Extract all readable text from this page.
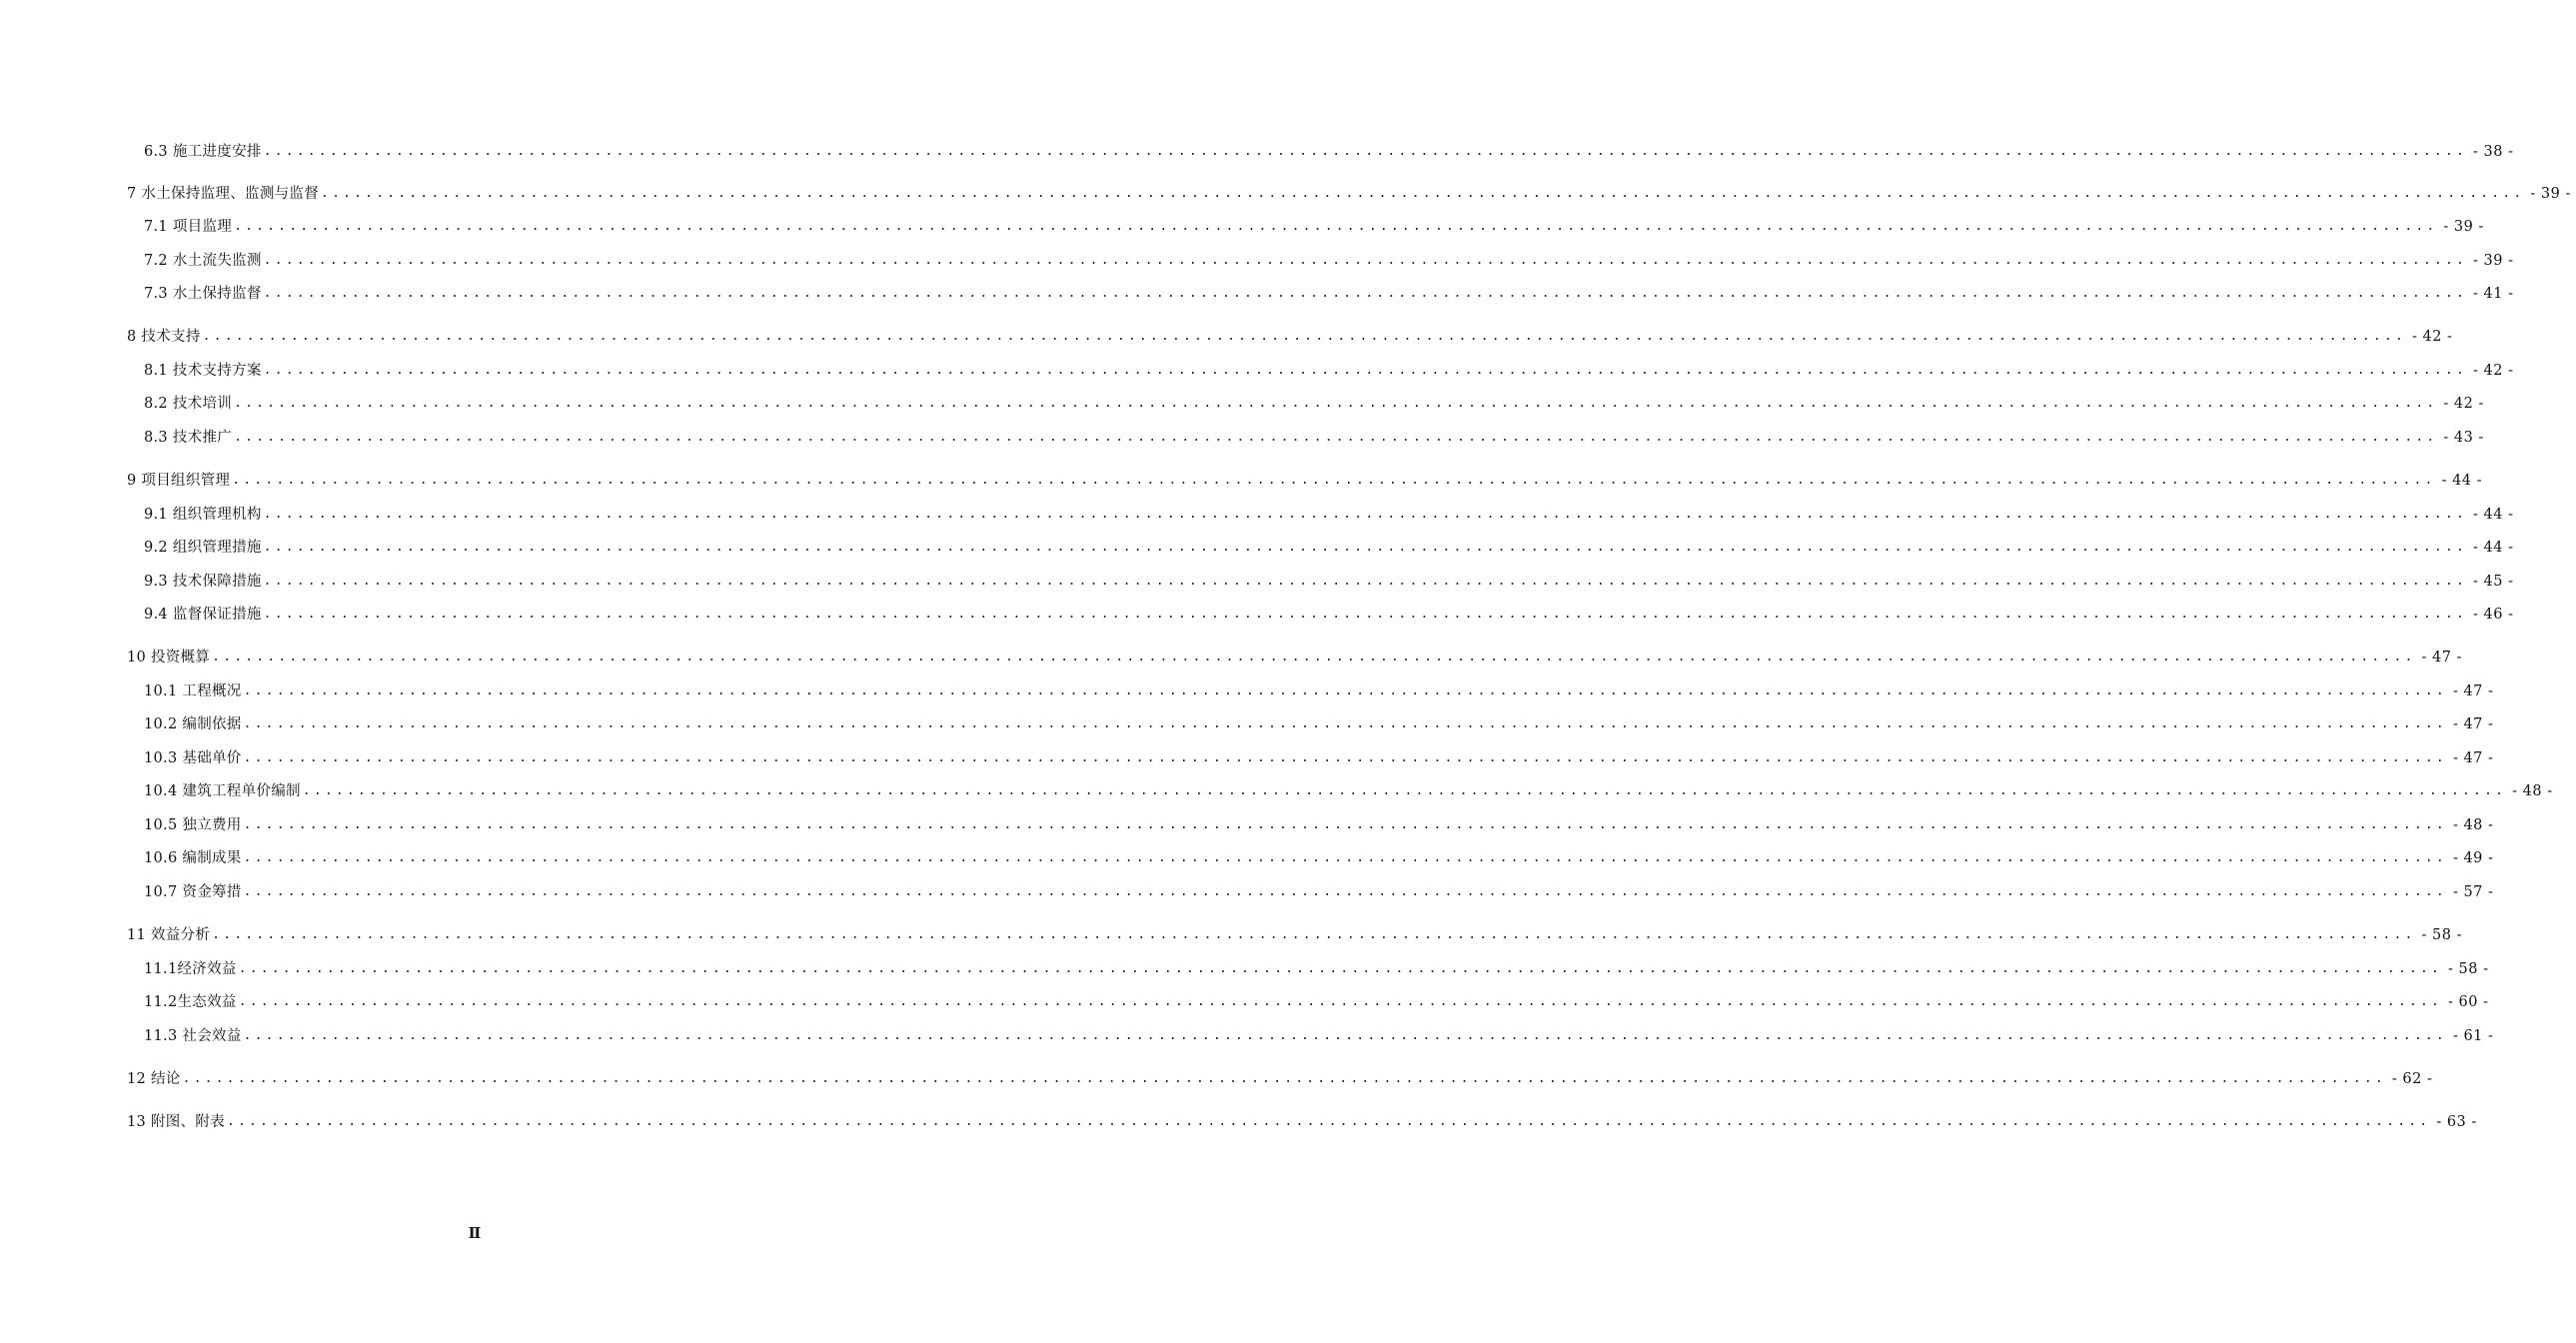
6.3 施工进度安排 ........................................................................................................................................................................................................ - 38 -
7 水土保持监理、监测与监督 ........................................................................................................................................................................................................ - 39 -
7.1 项目监理 ........................................................................................................................................................................................................ - 39 -
7.2 水土流失监测 ........................................................................................................................................................................................................ - 39 -
7.3 水土保持监督 ........................................................................................................................................................................................................ - 41 -
8 技术支持 ........................................................................................................................................................................................................ - 42 -
8.1 技术支持方案 ........................................................................................................................................................................................................ - 42 -
8.2 技术培训 ........................................................................................................................................................................................................ - 42 -
8.3 技术推广 ........................................................................................................................................................................................................ - 43 -
9 项目组织管理 ........................................................................................................................................................................................................ - 44 -
9.1 组织管理机构 ........................................................................................................................................................................................................ - 44 -
9.2 组织管理措施 ........................................................................................................................................................................................................ - 44 -
9.3 技术保障措施 ........................................................................................................................................................................................................ - 45 -
9.4 监督保证措施 ........................................................................................................................................................................................................ - 46 -
10 投资概算 ........................................................................................................................................................................................................ - 47 -
10.1 工程概况 ........................................................................................................................................................................................................ - 47 -
10.2 编制依据 ........................................................................................................................................................................................................ - 47 -
10.3 基础单价 ........................................................................................................................................................................................................ - 47 -
10.4 建筑工程单价编制 ........................................................................................................................................................................................................ - 48 -
10.5 独立费用 ........................................................................................................................................................................................................ - 48 -
10.6 编制成果 ........................................................................................................................................................................................................ - 49 -
10.7 资金筹措 ........................................................................................................................................................................................................ - 57 -
11 效益分析 ........................................................................................................................................................................................................ - 58 -
11.1经济效益 ........................................................................................................................................................................................................ - 58 -
11.2生态效益 ........................................................................................................................................................................................................ - 60 -
11.3 社会效益 ........................................................................................................................................................................................................ - 61 -
12 结论 ........................................................................................................................................................................................................ - 62 -
13 附图、附表 ........................................................................................................................................................................................................ - 63 -
Ⅱ
